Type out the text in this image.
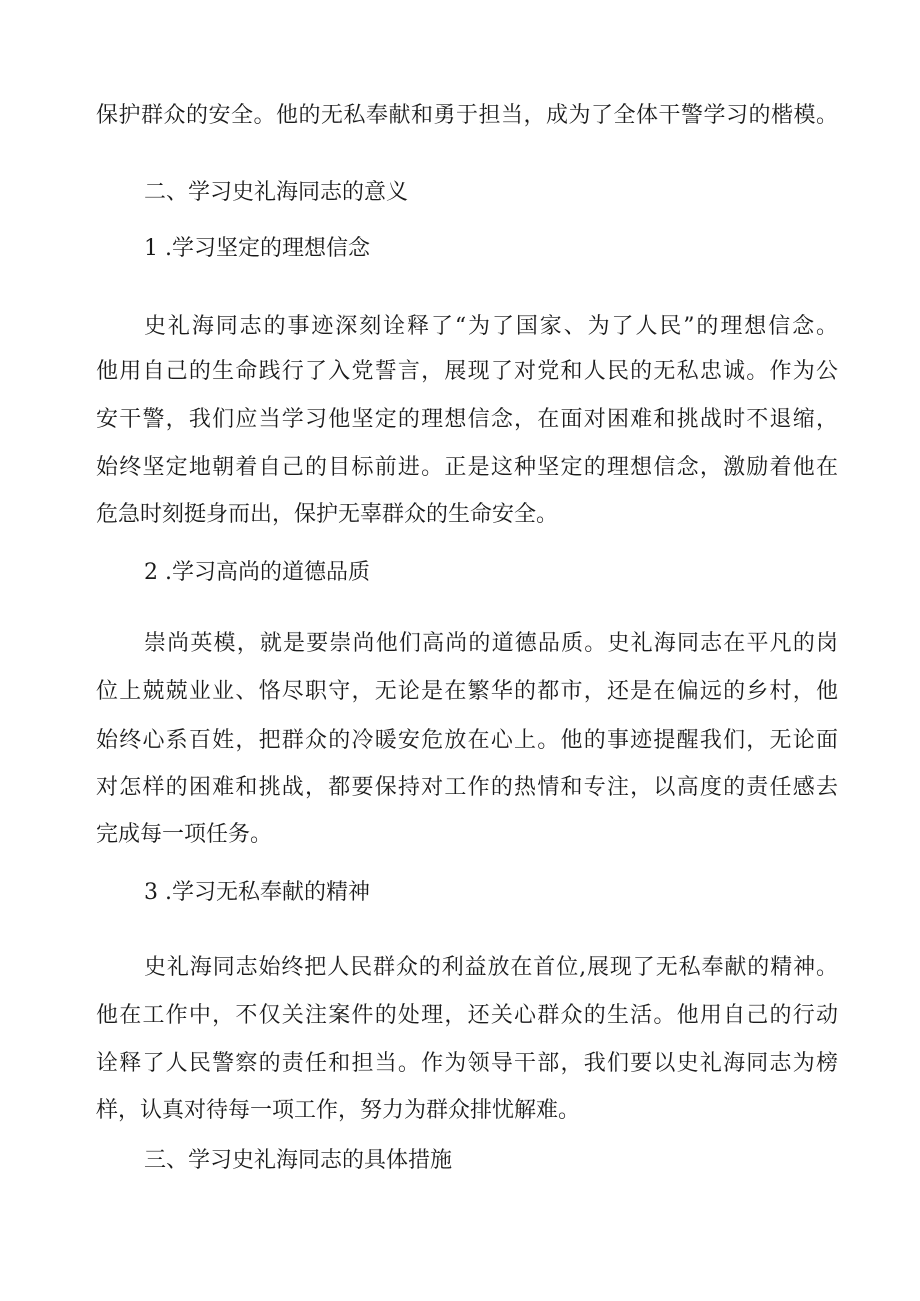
保护群众的安全。他的无私奉献和勇于担当，成为了全体干警学习的楷模。
二、学习史礼海同志的意义
1 .学习坚定的理想信念
史礼海同志的事迹深刻诠释了“为了国家、为了人民”的理想信念。
他用自己的生命践行了入党誓言，展现了对党和人民的无私忠诚。作为公
安干警，我们应当学习他坚定的理想信念，在面对困难和挑战时不退缩，
始终坚定地朝着自己的目标前进。正是这种坚定的理想信念，激励着他在
危急时刻挺身而出，保护无辜群众的生命安全。
2 .学习高尚的道德品质
崇尚英模，就是要崇尚他们高尚的道德品质。史礼海同志在平凡的岗
位上兢兢业业、恪尽职守，无论是在繁华的都市，还是在偏远的乡村，他
始终心系百姓，把群众的冷暖安危放在心上。他的事迹提醒我们，无论面
对怎样的困难和挑战，都要保持对工作的热情和专注，以高度的责任感去
完成每一项任务。
3 .学习无私奉献的精神
史礼海同志始终把人民群众的利益放在首位,展现了无私奉献的精神。
他在工作中，不仅关注案件的处理，还关心群众的生活。他用自己的行动
诠释了人民警察的责任和担当。作为领导干部，我们要以史礼海同志为榜
样，认真对待每一项工作，努力为群众排忧解难。
三、学习史礼海同志的具体措施
